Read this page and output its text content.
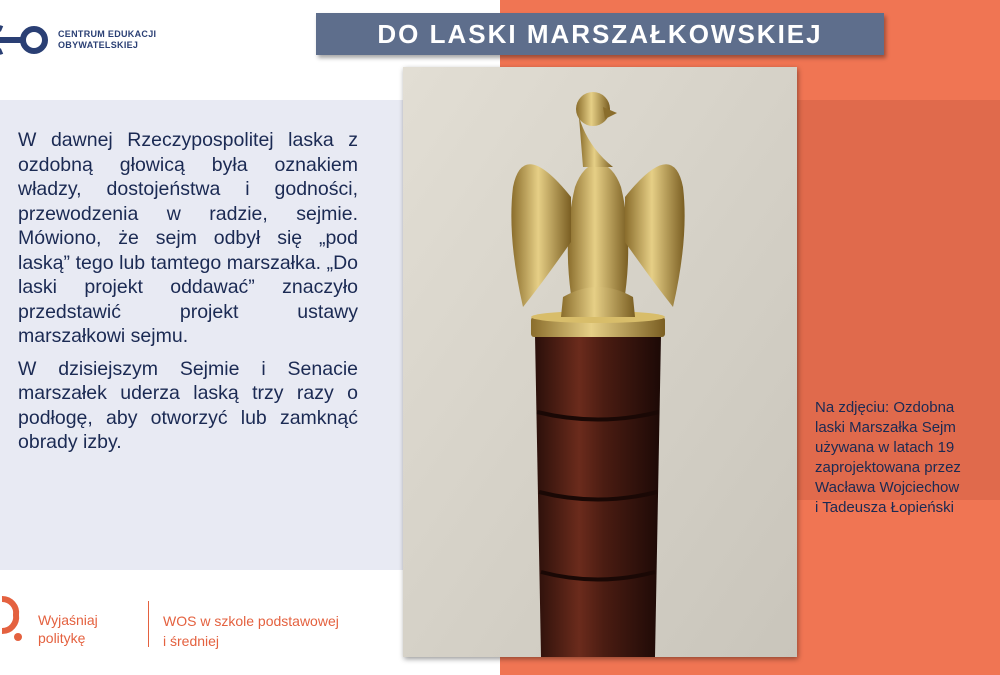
CENTRUM EDUKACJI
OBYWATELSKIEJ	DO LASKI MARSZAŁKOWSKIEJ

W dawnej Rzeczypospolitej laska z ozdobną głowicą była oznakiem władzy, dostojeństwa i godności, przewodzenia w radzie, sejmie. Mówiono, że sejm odbył się „pod laską” tego lub tamtego marszałka. „Do laski projekt oddawać” znaczyło przedstawić projekt ustawy marszałkowi sejmu.

W dzisiejszym Sejmie i Senacie marszałek uderza laską trzy razy o podłogę, aby otworzyć lub zamknąć obrady izby.

Na zdjęciu: Ozdobna
laski Marszałka Sejm
używana w latach 19
zaprojektowana przez
Wacława Wojciechow
i Tadeusza Łopieński
Wyjaśniaj
politykę
WOS w szkole podstawowej
i średniej
